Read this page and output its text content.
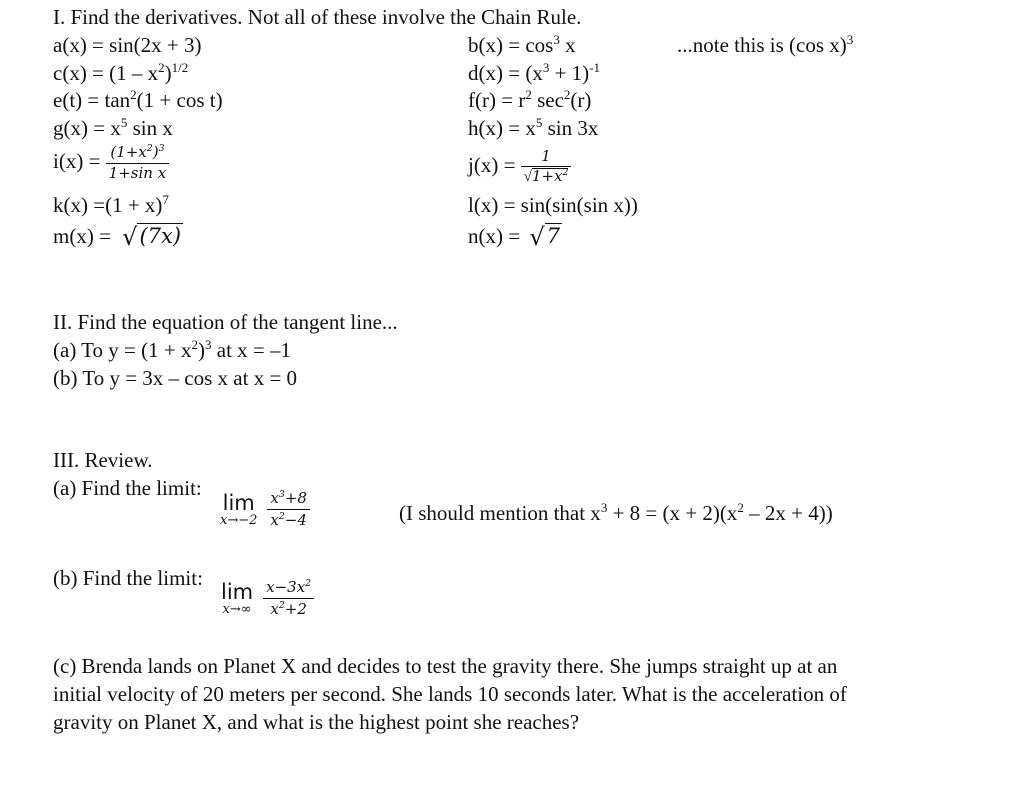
I. Find the derivatives. Not all of these involve the Chain Rule.
a(x) = sin(2x + 3)	$b(x) = \cos^3 x$	...note this is (cos x)$^3$
$c(x) = (1 - x^2)^{1/2}$	$d(x) = (x^3 + 1)^{-1}$
$e(t) = \tan^2(1 + \cos t)$	$f(r) = r^2$ $\sec^2(r)$
$g(x) = x^5$ sin x	$h(x) = x^5$ sin 3x
$i(x) = \frac{(1+x^2)^3}{\text{1+sin x}}$	$j(x) = \frac{1}{√1+x^2}$
$k(x) =(1 + x)^7$	l(x) = sin(sin(sin x))
m(x) = √(7x)	n(x) = √7
II. Find the equation of the tangent line...
(a) To $y = (1 + x^2)^3$ at x = –1
(b) To y = 3x – cos x at x = 0
III. Review.
(a) Find the limit:
lim
x→−2
$\frac{x^3+8}{x^2-4}$	(I should mention that $x^3 + 8 = (x + 2)(x^2 - 2x + 4)$)
(b) Find the limit:
lim
x→∞
$\frac{x-3x^2}{x^2+2}$
(c) Brenda lands on Planet X and decides to test the gravity there. She jumps straight up at an
initial velocity of 20 meters per second. She lands 10 seconds later. What is the acceleration of
gravity on Planet X, and what is the highest point she reaches?
